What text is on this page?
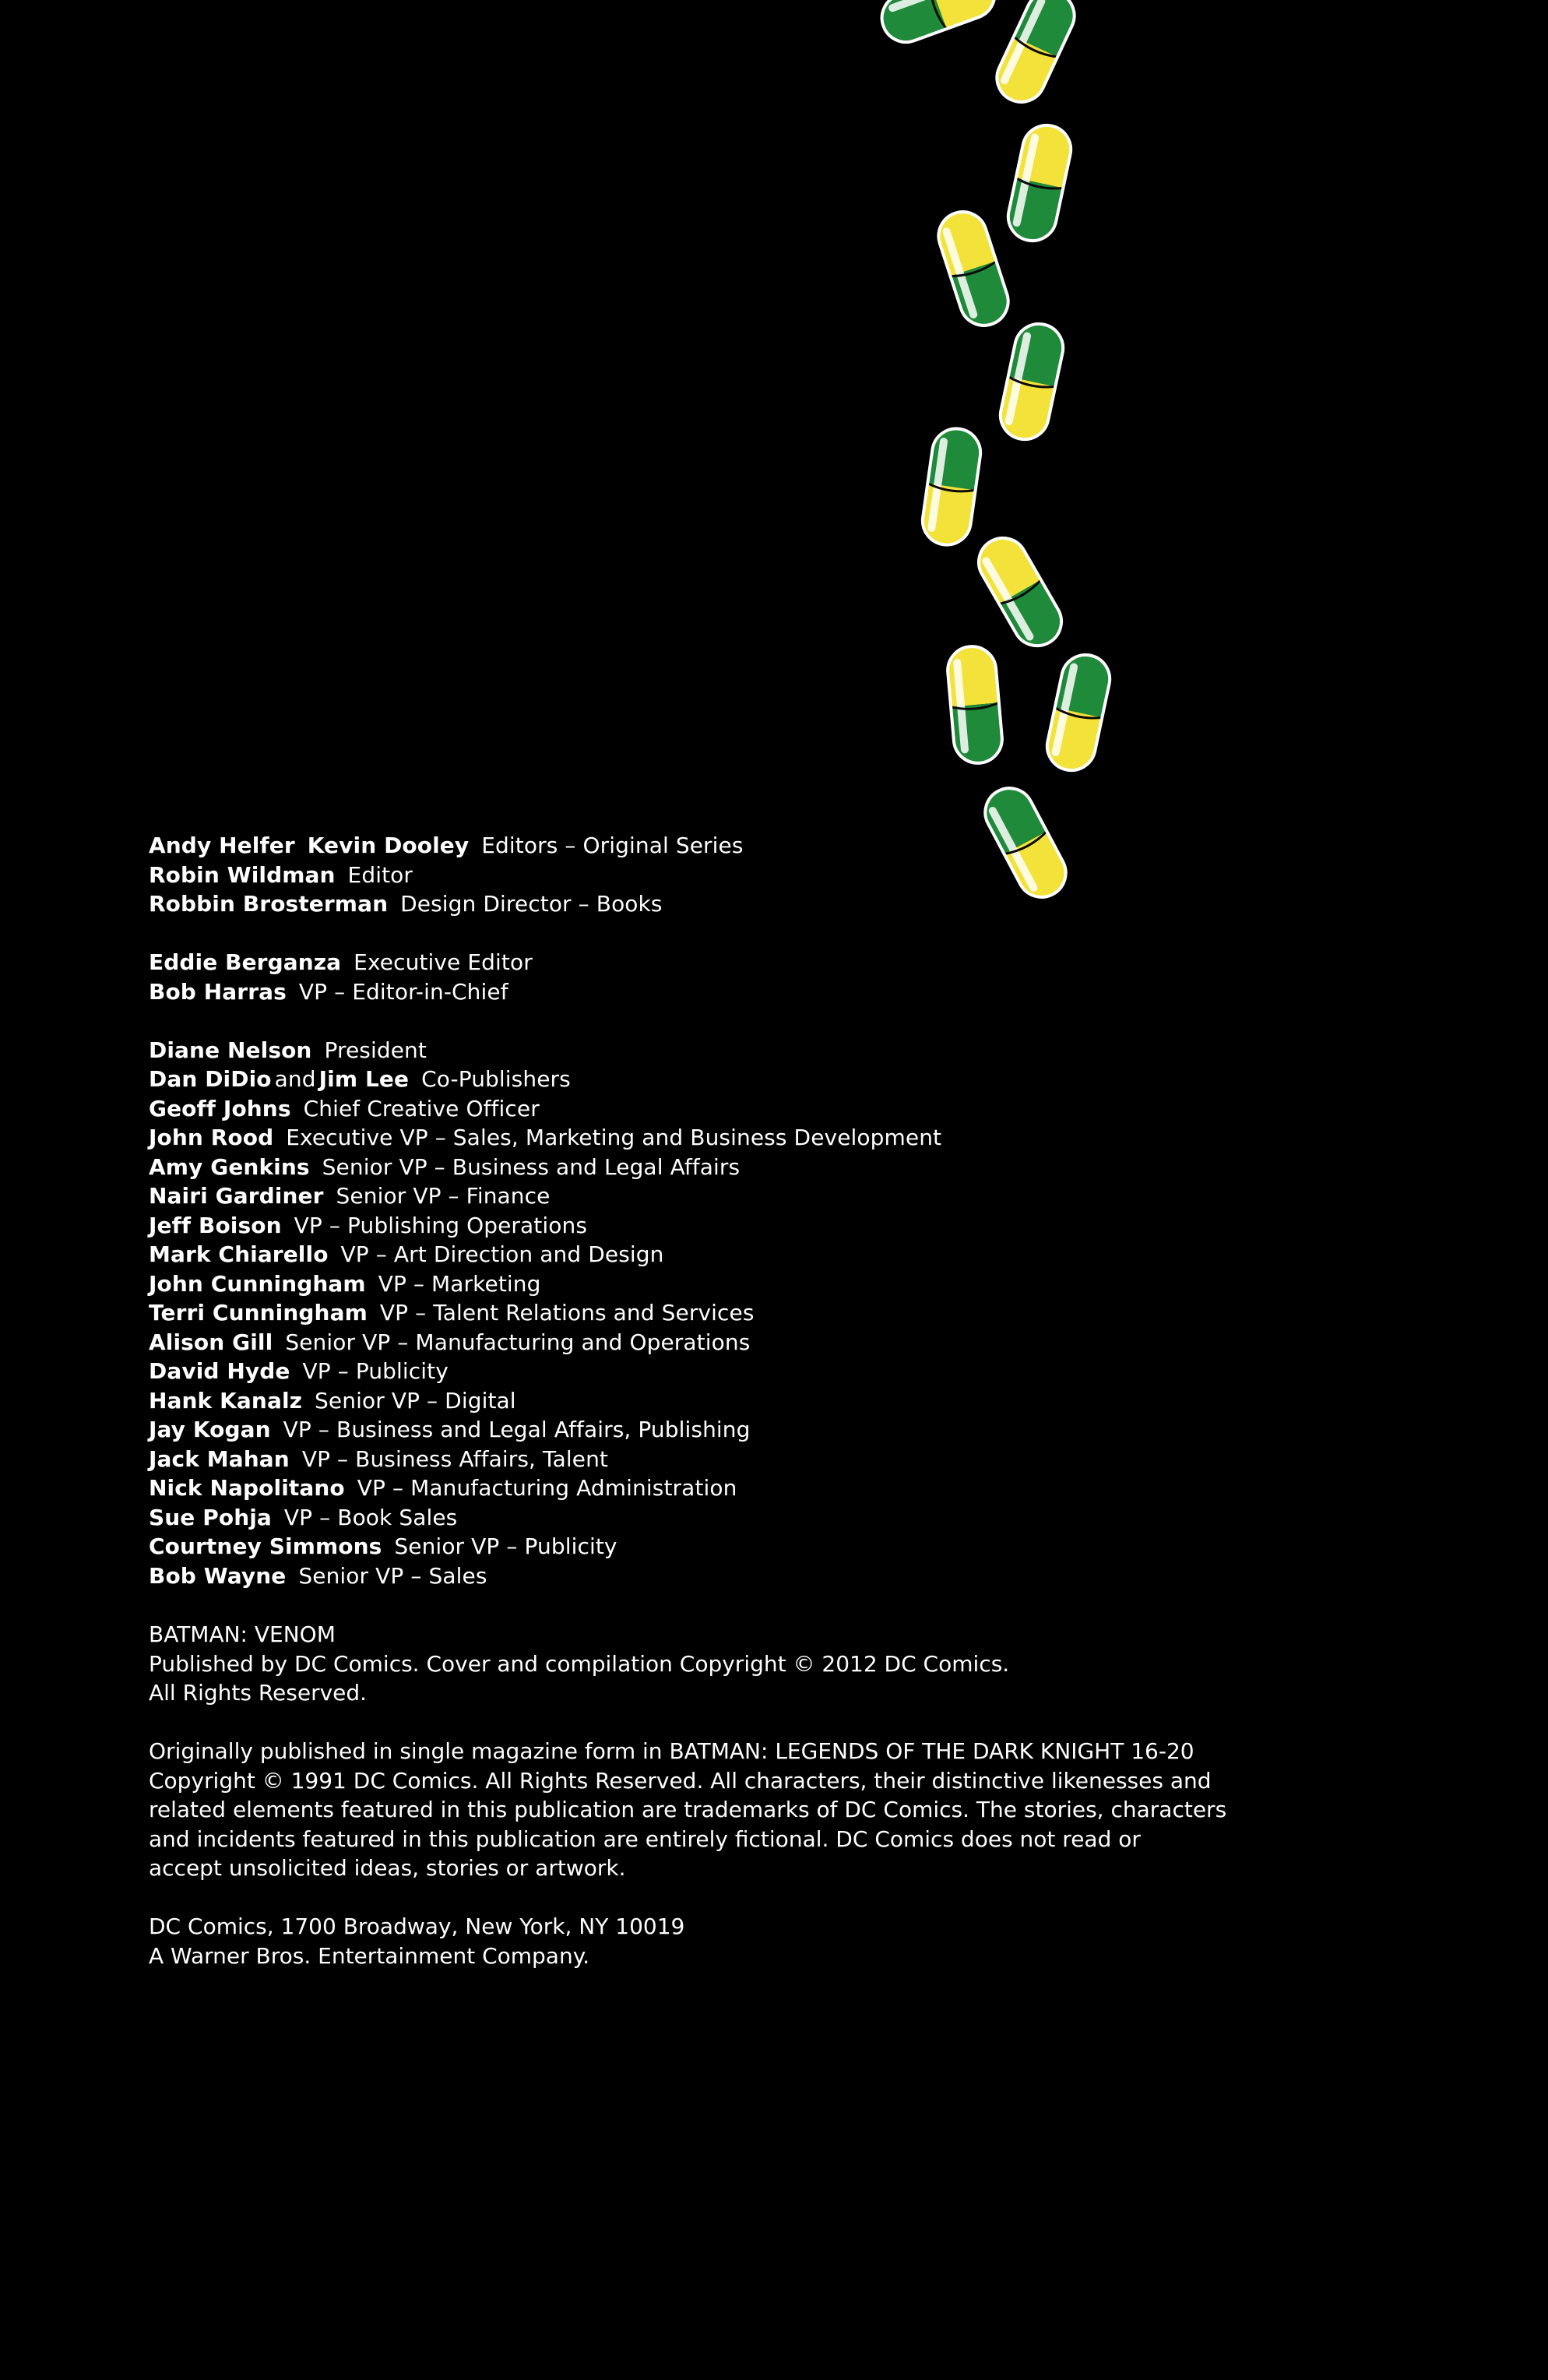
Andy Helfer Kevin Dooley Editors – Original Series
Robin Wildman Editor
Robbin Brosterman Design Director – Books
Eddie Berganza Executive Editor
Bob Harras VP – Editor-in-Chief
Diane Nelson President
Dan DiDio and Jim Lee Co-Publishers
Geoff Johns Chief Creative Officer
John Rood Executive VP – Sales, Marketing and Business Development
Amy Genkins Senior VP – Business and Legal Affairs
Nairi Gardiner Senior VP – Finance
Jeff Boison VP – Publishing Operations
Mark Chiarello VP – Art Direction and Design
John Cunningham VP – Marketing
Terri Cunningham VP – Talent Relations and Services
Alison Gill Senior VP – Manufacturing and Operations
David Hyde VP – Publicity
Hank Kanalz Senior VP – Digital
Jay Kogan VP – Business and Legal Affairs, Publishing
Jack Mahan VP – Business Affairs, Talent
Nick Napolitano VP – Manufacturing Administration
Sue Pohja VP – Book Sales
Courtney Simmons Senior VP – Publicity
Bob Wayne Senior VP – Sales
BATMAN: VENOM
Published by DC Comics. Cover and compilation Copyright © 2012 DC Comics.
All Rights Reserved.
Originally published in single magazine form in BATMAN: LEGENDS OF THE DARK KNIGHT 16-20
Copyright © 1991 DC Comics. All Rights Reserved. All characters, their distinctive likenesses and
related elements featured in this publication are trademarks of DC Comics. The stories, characters
and incidents featured in this publication are entirely fictional. DC Comics does not read or
accept unsolicited ideas, stories or artwork.
DC Comics, 1700 Broadway, New York, NY 10019
A Warner Bros. Entertainment Company.
